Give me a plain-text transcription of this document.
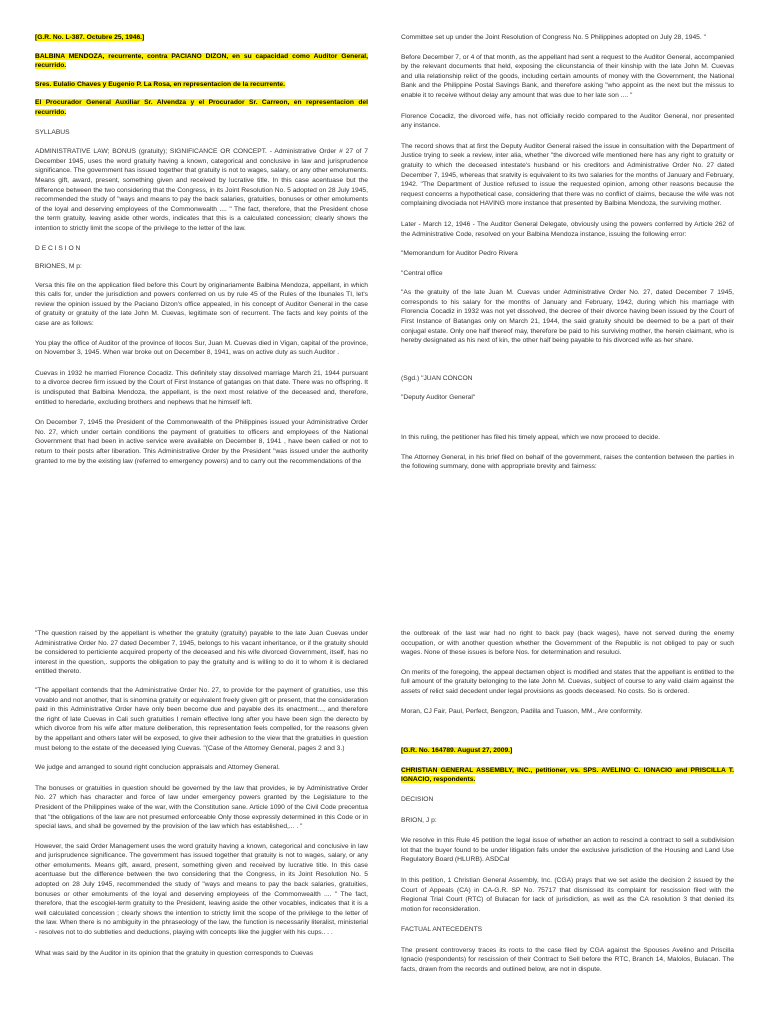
[G.R. No. L-387. Octubre 25, 1946.]

BALBINA MENDOZA, recurrente, contra PACIANO DIZON, en su capacidad como Auditor General, recurrido.

Sres. Eulalio Chaves y Eugenio P. La Rosa, en representacion de la recurrente.

El Procurador General Auxiliar Sr. Alvendza y el Procurador Sr. Carreon, en representacion del recurrido.

SYLLABUS

ADMINISTRATIVE LAW; BONUS (gratuity); SIGNIFICANCE OR CONCEPT. - Administrative Order # 27 of 7 December 1945, uses the word gratuity having a known, categorical and conclusive in law and jurisprudence significance. The government has issued together that gratuity is not to wages, salary, or any other emoluments. Means gift, award, present, something given and received by lucrative title. In this case acentuase but the difference between the two considering that the Congress, in its Joint Resolution No. 5 adopted on 28 July 1945, recommended the study of "ways and means to pay the back salaries, gratuities, bonuses or other emoluments of the loyal and deserving employees of the Commonwealth .... " The fact, therefore, that the President chose the term gratuity, leaving aside other words, indicates that this is a calculated concession; clearly shows the intention to strictly limit the scope of the privilege to the letter of the law.

D E C I S I O N

BRIONES, M p:

Versa this file on the application filed before this Court by originariamente Balbina Mendoza, appellant, in which this calls for, under the jurisdiction and powers conferred on us by rule 45 of the Rules of the Ibunales TI, let's review the opinion issued by the Paciano Dizon's office appealed, in his concept of Auditor General in the case of gratuity or gratuity of the late John M. Cuevas, legitimate son of recurrent. The facts and key points of the case are as follows:

You play the office of Auditor of the province of Ilocos Sur, Juan M. Cuevas died in Vigan, capital of the province, on November 3, 1945. When war broke out on December 8, 1941, was on active duty as such Auditor .

Cuevas in 1932 he married Florence Cocadiz. This definitely stay dissolved marriage March 21, 1944 pursuant to a divorce decree firm issued by the Court of First Instance of gatangas on that date. There was no offspring. It is undisputed that Balbina Mendoza, the appellant, is the next most relative of the deceased and, therefore, entitled to heredarle, excluding brothers and nephews that he himself left.

On December 7, 1945 the President of the Commonwealth of the Philippines issued your Administrative Order No. 27, which under certain conditions the payment of gratuities to officers and employees of the National Government that had been in active service were available on December 8, 1941 , have been called or not to return to their posts after liberation. This Administrative Order by the President "was issued under the authority granted to me by the existing law (referred to emergency powers) and to carry out the recommendations of the

Committee set up under the Joint Resolution of Congress No. 5 Philippines adopted on July 28, 1945. "

Before December 7, or 4 of that month, as the appellant had sent a request to the Auditor General, accompanied by the relevant documents that held, exposing the clicunstancia of their kinship with the late John M. Cuevas and ulla relationship relict of the goods, including certain amounts of money with the Government, the National Bank and the Philippine Postal Savings Bank, and therefore asking "who appoint as the next but the missus to enable it to receive without delay any amount that was due to her late son .... "

Florence Cocadiz, the divorced wife, has not officially recido compared to the Auditor General, nor presented any instance.

The record shows that at first the Deputy Auditor General raised the issue in consultation with the Department of Justice trying to seek a review, inter alia, whether "the divorced wife mentioned here has any right to gratuity or gratuity to which the deceased intestate's husband or his creditors and Administrative Order No. 27 dated December 7, 1945, whereas that sratvity is equivalent to its two salaries for the months of January and February, 1942. "The Department of Justice refused to issue the requested opinion, among other reasons because the request concerns a hypothetical case, considering that there was no conflict of claims, because the wife was not complaining divociada not HAVING more instance that presented by Balbina Mendoza, the surviving mother.

Later - March 12, 1946 - The Auditor General Delegate, obviously using the powers conferred by Article 262 of the Administrative Code, resolved on your Balbina Mendoza instance, issuing the following error:

"Memorandum for Auditor Pedro Rivera

"Central office

"As the gratuity of the late Juan M. Cuevas under Administrative Order No. 27, dated December 7 1945, corresponds to his salary for the months of January and February, 1942, during which his marriage with Florencia Cocadiz in 1932 was not yet dissolved, the decree of their divorce having been issued by the Court of First Instance of Batangas only on March 21, 1944, the said gratuity should be deemed to be a part of their conjugal estate. Only one half thereof may, therefore be paid to his surviving mother, the herein claimant, who is hereby designated as his next of kin, the other half being payable to his divorced wife as her share.

(Sgd.) "JUAN CONCON

"Deputy Auditor General"

In this ruling, the petitioner has filed his timely appeal, which we now proceed to decide.

The Attorney General, in his brief filed on behalf of the government, raises the contention between the parties in the following summary, done with appropriate brevity and fairness:

"The question raised by the appellant is whether the gratuity (gratuity) payable to the late Juan Cuevas under Administrative Order No. 27 dated December 7, 1945, belongs to his vacant inheritance, or if the gratuity should be considered to perticiente acquired property of the deceased and his wife divorced Government, itself, has no interest in the question,. supports the obligation to pay the gratuity and is willing to do it to whom it is declared entitled thereto.

"The appellant contends that the Administrative Order No. 27, to provide for the payment of gratuities, use this vovablo and not another, that is sinomina gratuity or equivalent freely given gift or present, that the consideration paid in this Administrative Order have only been become due and payable des its enactment..., and therefore the right of late Cuevas in Cali such gratuities I remain effective long after you have been sign the derecto by which divorce from his wife after mature deliberation, this representation feels compelled, for the reasons given by the appellant and others later will be exposed, to give their adhesion to the view that the gratuities in question must belong to the estate of the deceased lying Cuevas. "(Case of the Attorney General, pages 2 and 3.)

We judge and arranged to sound right conclucion appraisals and Attorney General.

The bonuses or gratuities in question should be governed by the law that provides, ie by Administrative Order No. 27 which has character and force of law under emergency powers granted by the Legislature to the President of the Philippines wake of the war, with the Constitution sane. Article 1090 of the Civil Code precentua that "the obligations of the law are not presumed enforceable Only those expressly determined in this Code or in special laws, and shall be governed by the provision of the law which has established,... . "

However, the said Order Management uses the word gratuity having a known, categorical and conclusive in law and jurisprudence significance. The government has issued together that gratuity is not to wages, salary, or any other emoluments. Means gift, award, present, something given and received by lucrative title. In this case acentuase but the difference between the two considering that the Congress, in its Joint Resolution No. 5 adopted on 28 July 1945, recommended the study of "ways and means to pay the back salaries, gratuities, bonuses or other emoluments of the loyal and deserving employees of the Commonwealth .... " The fact, therefore, that the escogiel-term gratuity to the President, leaving aside the other vocables, indicates that it is a well calculated concession ; clearly shows the intention to strictly limit the scope of the privilege to the letter of the law. When there is no ambiguity in the phraseology of the law, the function is necessarily literalist, ministerial - resolves not to do subtleties and deductions, playing with concepts like the juggler with his cups.. . .

What was said by the Auditor in its opinion that the gratuity in question corresponds to Cuevas

the outbreak of the last war had no right to back pay (back wages), have not served during the enemy occupation, or with another question whether the Government of the Republic is not obliged to pay or such wages. None of these issues is before Nos. for determination and resuluci.

On merits of the foregoing, the appeal dectamen object is modified and states that the appellant is entitled to the full amount of the gratuity belonging to the late John M. Cuevas, subject of course to any valid claim against the assets of relict said decedent under legal provisions as goods deceased. No costs. So is ordered.

Moran, CJ Fair, Paul, Perfect, Bengzon, Padilla and Tuason, MM., Are conformity.

[G.R. No. 164789. August 27, 2009.]

CHRISTIAN GENERAL ASSEMBLY, INC., petitioner, vs. SPS. AVELINO C. IGNACIO and PRISCILLA T. IGNACIO, respondents.

DECISION

BRION, J p:

We resolve in this Rule 45 petition the legal issue of whether an action to rescind a contract to sell a subdivision lot that the buyer found to be under litigation falls under the exclusive jurisdiction of the Housing and Land Use Regulatory Board (HLURB). ASDCaI

In this petition, 1 Christian General Assembly, Inc. (CGA) prays that we set aside the decision 2 issued by the Court of Appeals (CA) in CA-G.R. SP No. 75717 that dismissed its complaint for rescission filed with the Regional Trial Court (RTC) of Bulacan for lack of jurisdiction, as well as the CA resolution 3 that denied its motion for reconsideration.

FACTUAL ANTECEDENTS

The present controversy traces its roots to the case filed by CGA against the Spouses Avelino and Priscilla Ignacio (respondents) for rescission of their Contract to Sell before the RTC, Branch 14, Malolos, Bulacan. The facts, drawn from the records and outlined below, are not in dispute.
